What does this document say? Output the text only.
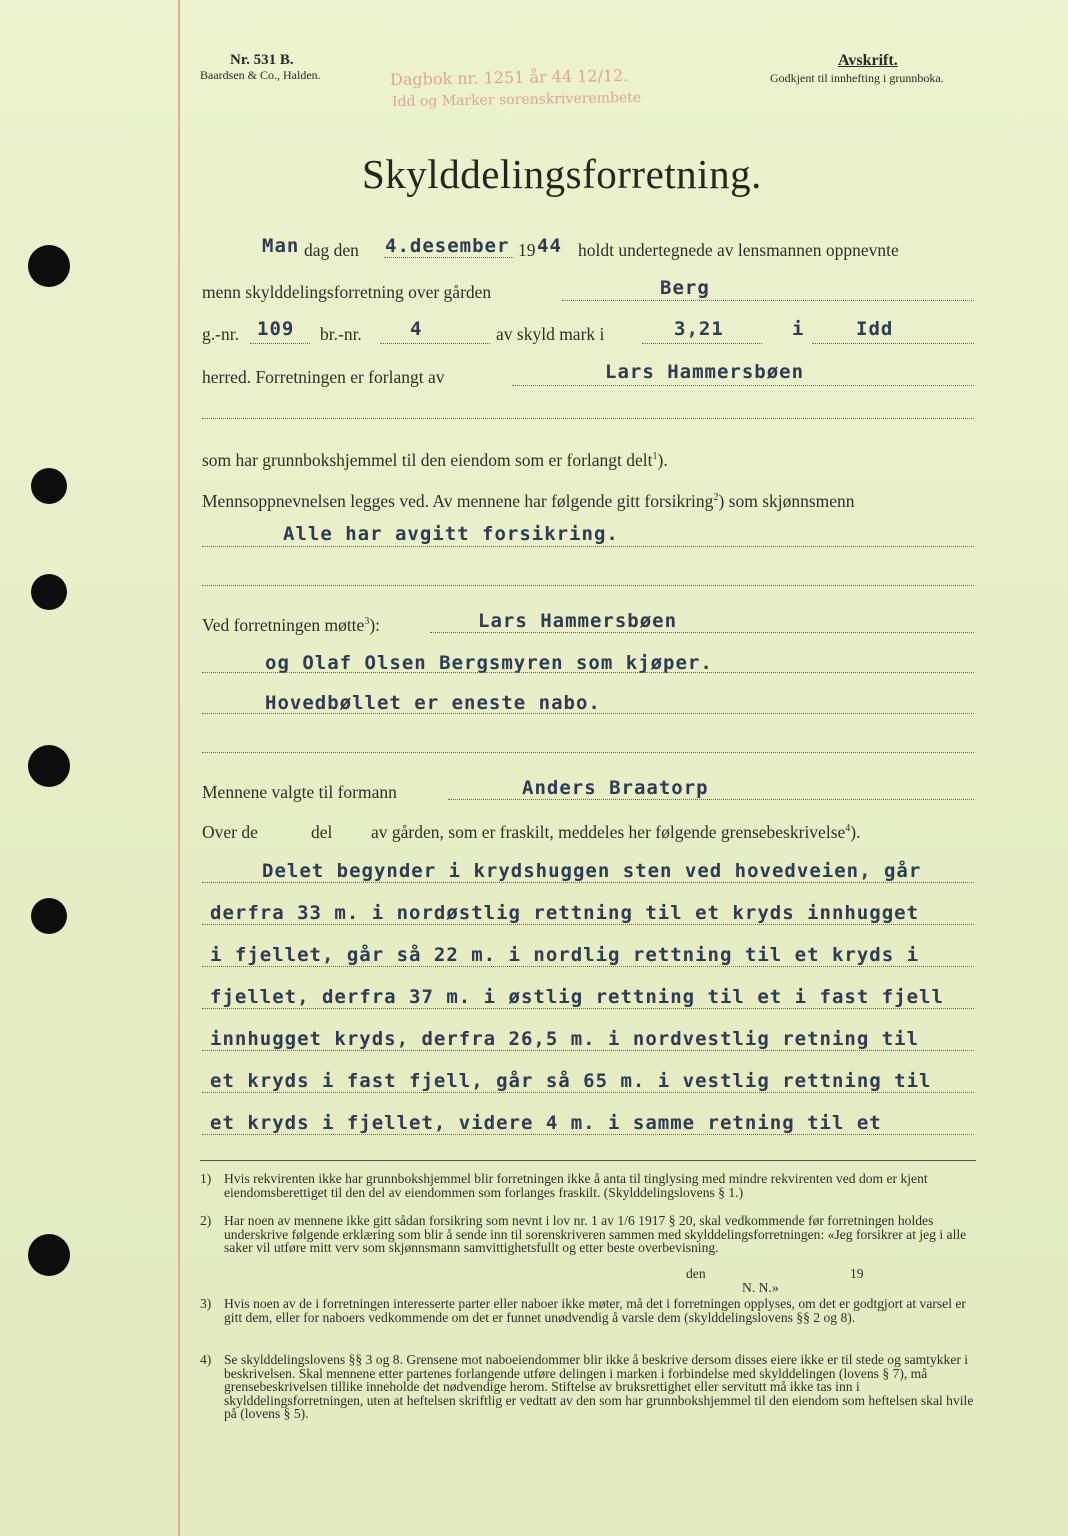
Nr. 531 B.
Baardsen & Co., Halden.
Avskrift.
Godkjent til innhefting i grunnboka.
Dagbok nr. 1251 år 44 12/12.
Idd og Marker sorenskriverembete
Skylddelingsforretning.
Man dag den 4.desember 19 44 holdt undertegnede av lensmannen oppnevnte
menn skylddelingsforretning over gården	Berg
g.-nr. 109 br.-nr.	4	av skyld mark i	3,21	i	Idd
herred. Forretningen er forlangt av	Lars Hammersbøen
som har grunnbokshjemmel til den eiendom som er forlangt delt$^1$).
Mennsoppnevnelsen legges ved. Av mennene har følgende gitt forsikring$^2$) som skjønnsmenn
Alle har avgitt forsikring.
Ved forretningen møtte$^3$):	Lars Hammersbøen
og Olaf Olsen Bergsmyren som kjøper.
Hovedbøllet er eneste nabo.
Mennene valgte til formann	Anders Braatorp
Over de	del av gården, som er fraskilt, meddeles her følgende grensebeskrivelse$^4$).
Delet begynder i krydshuggen sten ved hovedveien, går
derfra 33 m. i nordøstlig rettning til et kryds innhugget
i fjellet, går så 22 m. i nordlig rettning til et kryds i
fjellet, derfra 37 m. i østlig rettning til et i fast fjell
innhugget kryds, derfra 26,5 m. i nordvestlig retning til
et kryds i fast fjell, går så 65 m. i vestlig rettning til
et kryds i fjellet, videre 4 m. i samme retning til et
1) Hvis rekvirenten ikke har grunnbokshjemmel blir forretningen ikke å anta til tinglysing med mindre rekvirenten ved dom er kjent eiendomsberettiget til den del av eiendommen som forlanges fraskilt. (Skylddelingslovens § 1.)
2) Har noen av mennene ikke gitt sådan forsikring som nevnt i lov nr. 1 av 1/6 1917 § 20, skal vedkommende før forretningen holdes underskrive følgende erklæring som blir å sende inn til sorenskriveren sammen med skylddelingsforretningen: «Jeg forsikrer at jeg i alle saker vil utføre mitt verv som skjønnsmann samvittighetsfullt og etter beste overbevisning.
den	19
N. N.»
3) Hvis noen av de i forretningen interesserte parter eller naboer ikke møter, må det i forretningen opplyses, om det er godtgjort at varsel er gitt dem, eller for naboers vedkommende om det er funnet unødvendig å varsle dem (skylddelingslovens §§ 2 og 8).
4) Se skylddelingslovens §§ 3 og 8. Grensene mot naboeiendommer blir ikke å beskrive dersom disses eiere ikke er til stede og samtykker i beskrivelsen. Skal mennene etter partenes forlangende utføre delingen i marken i forbindelse med skylddelingen (lovens § 7), må grensebeskrivelsen tillike inneholde det nødvendige herom. Stiftelse av bruksrettighet eller servitutt må ikke tas inn i skylddelingsforretningen, uten at heftelsen skriftlig er vedtatt av den som har grunnbokshjemmel til den eiendom som heftelsen skal hvile på (lovens § 5).
